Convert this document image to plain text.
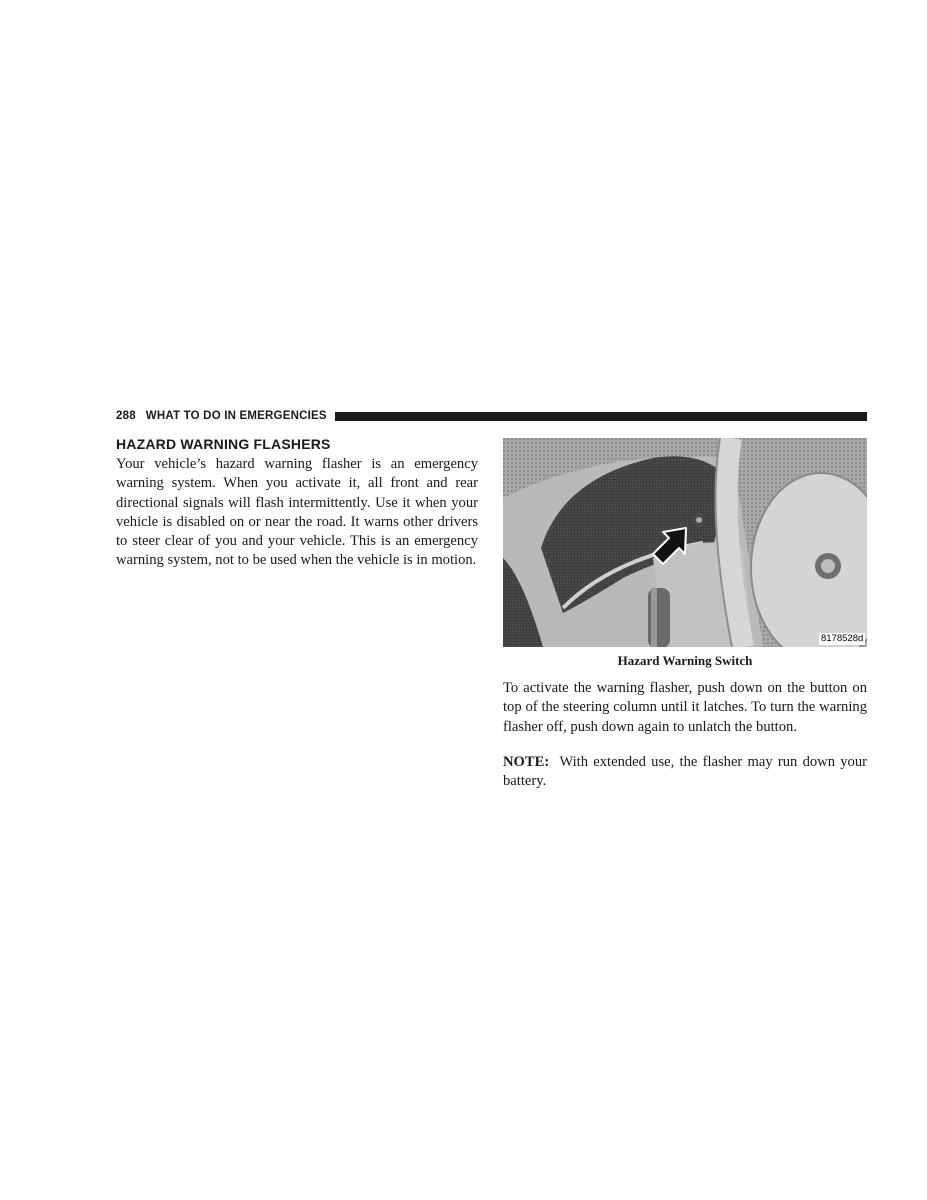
288 WHAT TO DO IN EMERGENCIES
HAZARD WARNING FLASHERS

Your vehicle’s hazard warning flasher is an emergency warning system. When you activate it, all front and rear directional signals will flash intermittently. Use it when your vehicle is disabled on or near the road. It warns other drivers to steer clear of you and your vehicle. This is an emergency warning system, not to be used when the vehicle is in motion.

8178528d

Hazard Warning Switch

To activate the warning flasher, push down on the button on top of the steering column until it latches. To turn the warning flasher off, push down again to unlatch the button.

NOTE: With extended use, the flasher may run down your battery.
